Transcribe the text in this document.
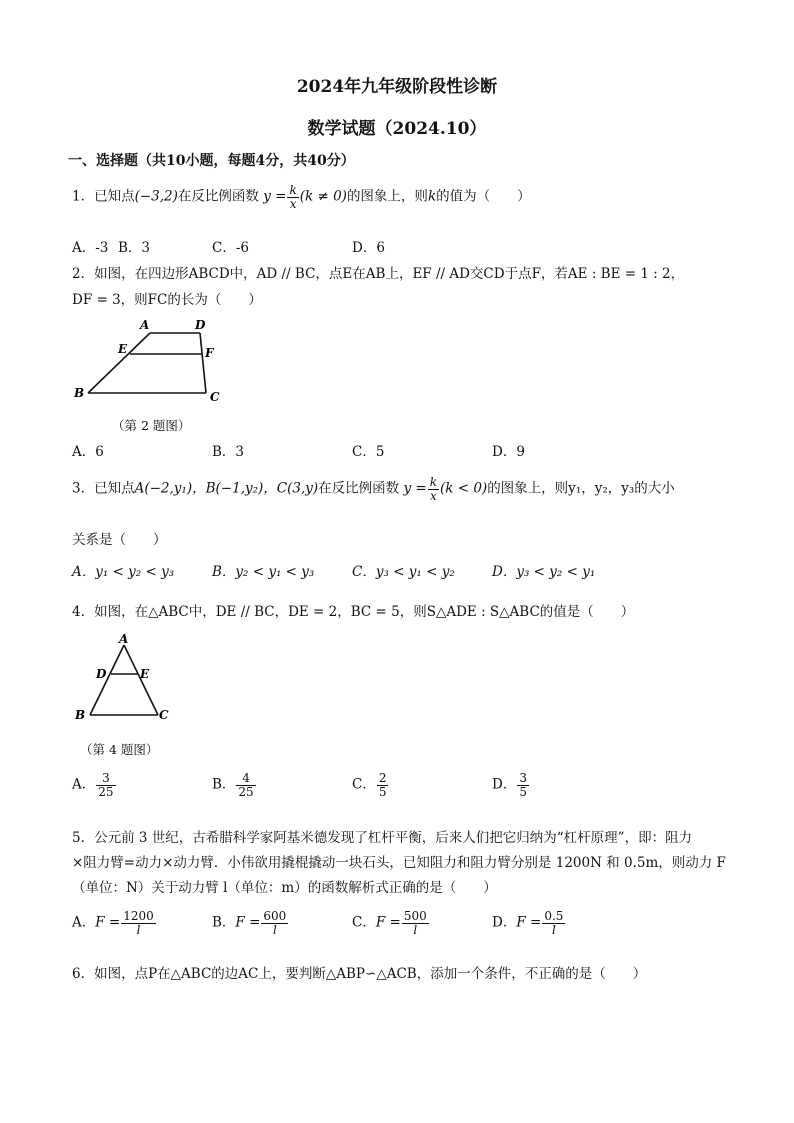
2024年九年级阶段性诊断
数学试题（2024.10）
一、选择题（共10小题，每题4分，共40分）
1．已知点(−3,2)在反比例函数 $y = \frac{k}{x} (k \ne 0)$的图象上，则k的值为（　　）
A．-3 B．3	C．-6	D．6
2．如图，在四边形ABCD中，AD // BC，点E在AB上，EF // AD交CD于点F，若AE : BE = 1 : 2，
DF = 3，则FC的长为（　　）
A	D
E	F
B	C
（第 2 题图）
A．6	B．3	C．5	D．9
3．已知点A(−2,y₁)，B(−1,y₂)，C(3,y)在反比例函数 $y = \frac{k}{x} (k < 0)$的图象上，则y₁，y₂，y₃的大小
关系是（　　）
A．y₁ < y₂ < y₃	B．y₂ < y₁ < y₃	C．y₃ < y₁ < y₂	D．y₃ < y₂ < y₁
4．如图，在△ABC中，DE // BC，DE = 2，BC = 5，则S△ADE : S△ABC的值是（　　）
A
D	E
B	C
（第 4 题图）
A． $\frac{3}{25}$	B． $\frac{4}{25}$	C． $\frac{2}{5}$	D． $\frac{3}{5}$
5．公元前 3 世纪，古希腊科学家阿基米德发现了杠杆平衡，后来人们把它归纳为“杠杆原理”，即：阻力
×阻力臂=动力×动力臂．小伟欲用撬棍撬动一块石头，已知阻力和阻力臂分别是 1200N 和 0.5m，则动力 F
（单位：N）关于动力臂 l（单位：m）的函数解析式正确的是（　　）
A．$F = \frac{1200}{l}$	B．$F = \frac{600}{l}$	C．$F = \frac{500}{l}$	D．$F = \frac{0.5}{l}$
6．如图，点P在△ABC的边AC上，要判断△ABP∽△ACB，添加一个条件，不正确的是（　　）
